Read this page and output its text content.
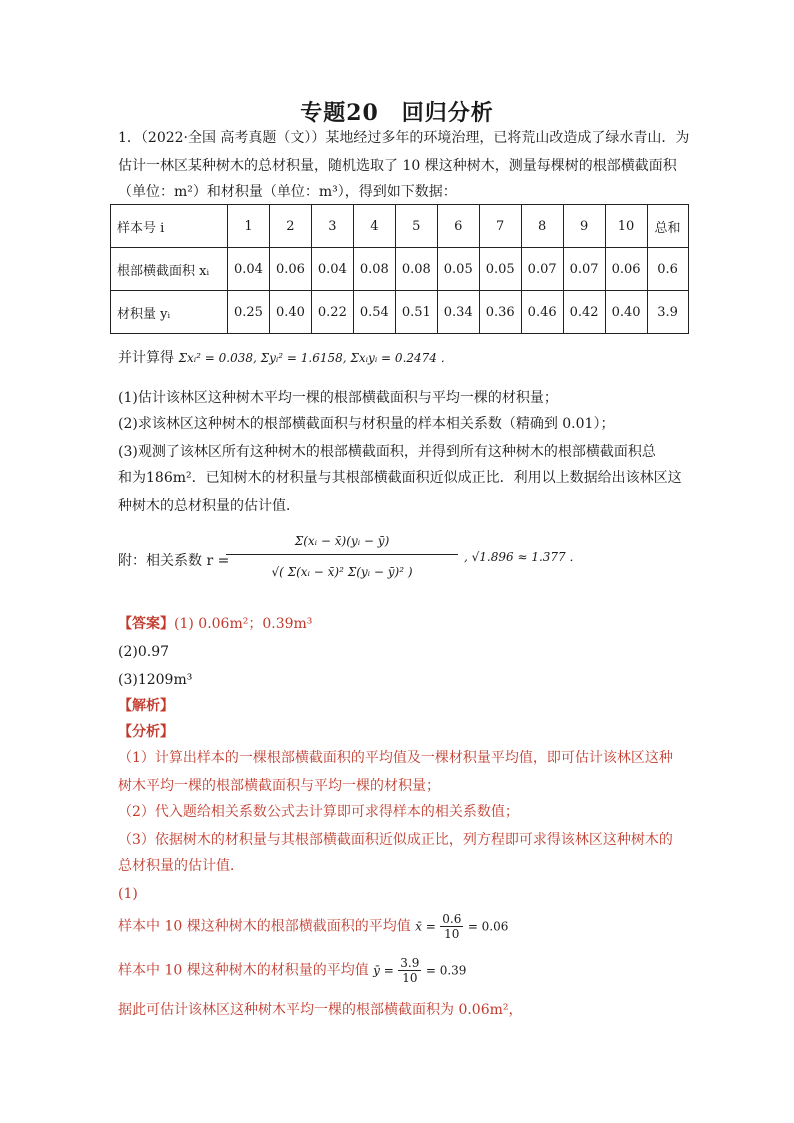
专题20　回归分析
1．（2022·全国 高考真题（文））某地经过多年的环境治理，已将荒山改造成了绿水青山．为
估计一林区某种树木的总材积量，随机选取了 10 棵这种树木，测量每棵树的根部横截面积
（单位：m²）和材积量（单位：m³），得到如下数据：
样本号 i	1	2	3	4	5	6	7	8	9	10	总和
根部横截面积 xᵢ	0.04	0.06	0.04	0.08	0.08	0.05	0.05	0.07	0.07	0.06	0.6
材积量 yᵢ	0.25	0.40	0.22	0.54	0.51	0.34	0.36	0.46	0.42	0.40	3.9
并计算得 Σxᵢ² = 0.038, Σyᵢ² = 1.6158, Σxᵢyᵢ = 0.2474 ．
(1)估计该林区这种树木平均一棵的根部横截面积与平均一棵的材积量；
(2)求该林区这种树木的根部横截面积与材积量的样本相关系数（精确到 0.01）；
(3)观测了该林区所有这种树木的根部横截面积，并得到所有这种树木的根部横截面积总
和为186m²．已知树木的材积量与其根部横截面积近似成正比．利用以上数据给出该林区这
种树木的总材积量的估计值．
附：相关系数 r =
$\frac{\text{Σ(xᵢ − x̄)(yᵢ − ȳ)}}{\text{√( Σ(xᵢ − x̄)² Σ(yᵢ − ȳ)² )}}$ , √1.896 ≈ 1.377 ．
【答案】(1) 0.06m²；0.39m³
(2)0.97
(3)1209m³
【解析】
【分析】
（1）计算出样本的一棵根部横截面积的平均值及一棵材积量平均值，即可估计该林区这种
树木平均一棵的根部横截面积与平均一棵的材积量；
（2）代入题给相关系数公式去计算即可求得样本的相关系数值；
（3）依据树木的材积量与其根部横截面积近似成正比，列方程即可求得该林区这种树木的
总材积量的估计值．
(1)
样本中 10 棵这种树木的根部横截面积的平均值 x̄ = $\frac{0.6}{10} = 0.06$
样本中 10 棵这种树木的材积量的平均值 ȳ = $\frac{3.9}{10} = 0.39$
据此可估计该林区这种树木平均一棵的根部横截面积为 0.06m²，
